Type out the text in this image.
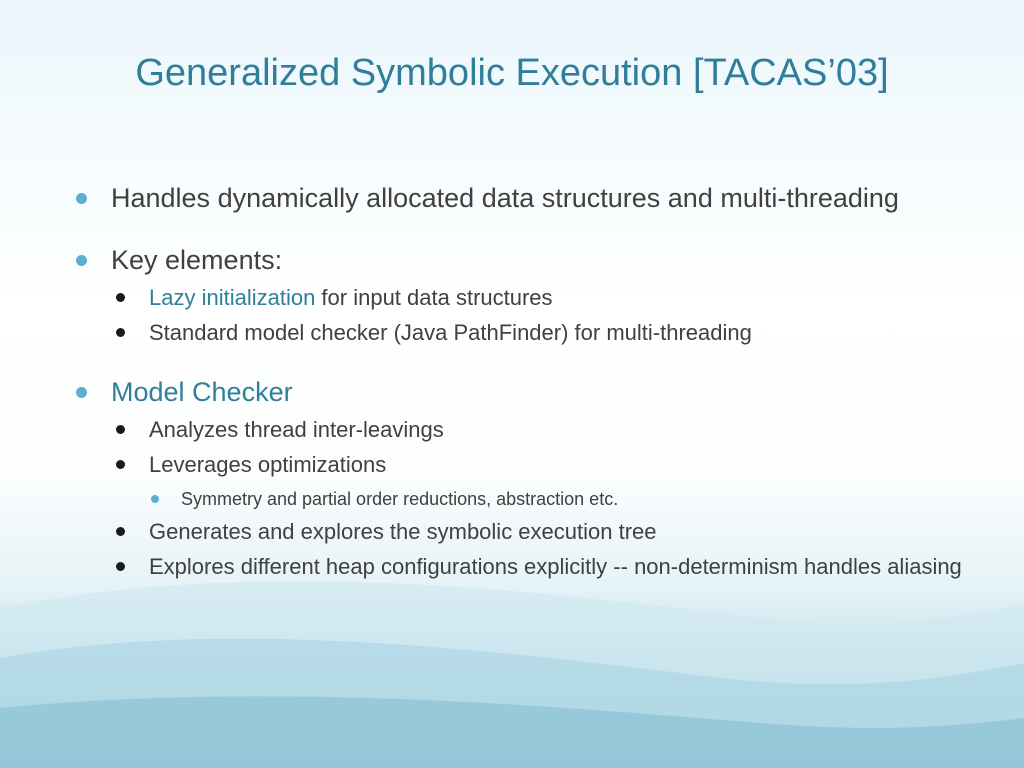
Generalized Symbolic Execution [TACAS’03]
Handles dynamically allocated data structures and multi-threading
Key elements:
Lazy initialization for input data structures
Standard model checker (Java PathFinder) for multi-threading
Model Checker
Analyzes thread inter-leavings
Leverages optimizations
Symmetry and partial order reductions, abstraction etc.
Generates and explores the symbolic execution tree
Explores different heap configurations explicitly -- non-determinism handles aliasing
